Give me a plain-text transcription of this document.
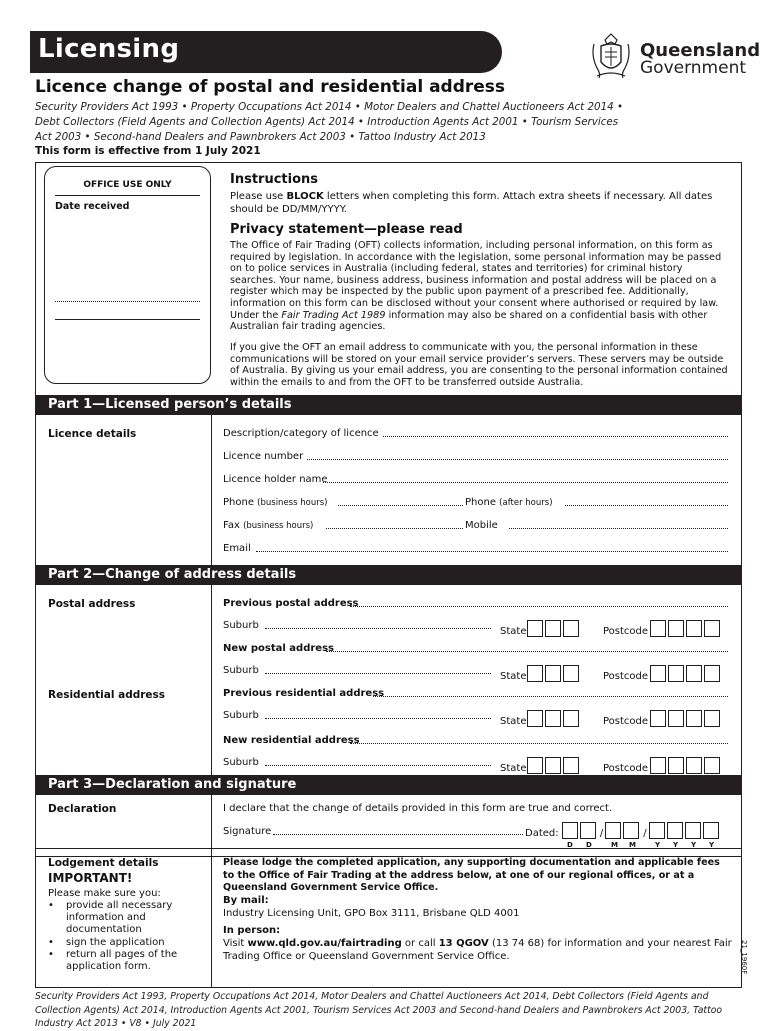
Licensing	Queensland
Government
Licence change of postal and residential address
Security Providers Act 1993 • Property Occupations Act 2014 • Motor Dealers and Chattel Auctioneers Act 2014 • Debt Collectors (Field Agents and Collection Agents) Act 2014 • Introduction Agents Act 2001 • Tourism Services Act 2003 • Second-hand Dealers and Pawnbrokers Act 2003 • Tattoo Industry Act 2013
This form is effective from 1 July 2021
OFFICE USE ONLY
Date received
Instructions
Please use BLOCK letters when completing this form. Attach extra sheets if necessary. All dates should be DD/MM/YYYY.
Privacy statement—please read
The Office of Fair Trading (OFT) collects information, including personal information, on this form as required by legislation. In accordance with the legislation, some personal information may be passed on to police services in Australia (including federal, states and territories) for criminal history searches. Your name, business address, business information and postal address will be placed on a register which may be inspected by the public upon payment of a prescribed fee. Additionally, information on this form can be disclosed without your consent where authorised or required by law. Under the Fair Trading Act 1989 information may also be shared on a confidential basis with other Australian fair trading agencies.
If you give the OFT an email address to communicate with you, the personal information in these communications will be stored on your email service provider’s servers. These servers may be outside of Australia. By giving us your email address, you are consenting to the personal information contained within the emails to and from the OFT to be transferred outside Australia.
Part 1—Licensed person’s details
Licence details	Description/category of licence
Licence number
Licence holder name
Phone (business hours)	Phone (after hours)
Fax (business hours)	Mobile
Email
Part 2—Change of address details
Postal address
Residential address
Previous postal address
Suburb
State	Postcode
New postal address
Suburb
State	Postcode
Previous residential address
Suburb
State	Postcode
New residential address
Suburb
State	Postcode
Part 3—Declaration and signature
Declaration	I declare that the change of details provided in this form are true and correct.
Signature	Dated:	/	/
D D	M M	Y Y Y Y
Lodgement details
IMPORTANT!
Please make sure you:
•	provide all necessary information and documentation
•	sign the application
•	return all pages of the application form.
Please lodge the completed application, any supporting documentation and applicable fees to the Office of Fair Trading at the address below, at one of our regional offices, or at a Queensland Government Service Office.
By mail:
Industry Licensing Unit, GPO Box 3111, Brisbane QLD 4001
In person:
Visit www.qld.gov.au/fairtrading or call 13 QGOV (13 74 68) for information and your nearest Fair Trading Office or Queensland Government Service Office.	21_1960F
Security Providers Act 1993, Property Occupations Act 2014, Motor Dealers and Chattel Auctioneers Act 2014, Debt Collectors (Field Agents and Collection Agents) Act 2014, Introduction Agents Act 2001, Tourism Services Act 2003 and Second-hand Dealers and Pawnbrokers Act 2003, Tattoo Industry Act 2013 • V8 • July 2021
